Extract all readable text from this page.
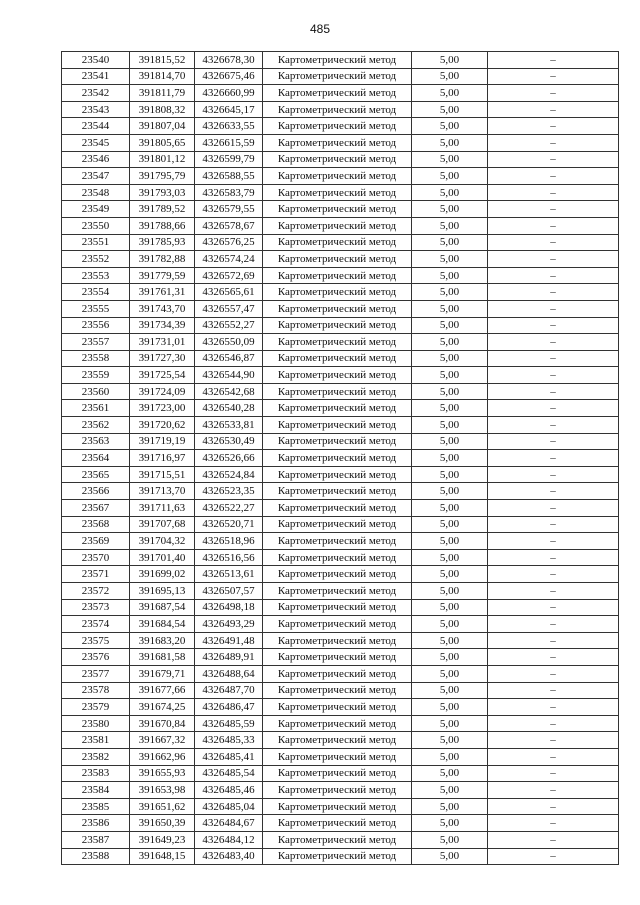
485
23540	391815,52	4326678,30	Картометрический метод	5,00	–
23541	391814,70	4326675,46	Картометрический метод	5,00	–
23542	391811,79	4326660,99	Картометрический метод	5,00	–
23543	391808,32	4326645,17	Картометрический метод	5,00	–
23544	391807,04	4326633,55	Картометрический метод	5,00	–
23545	391805,65	4326615,59	Картометрический метод	5,00	–
23546	391801,12	4326599,79	Картометрический метод	5,00	–
23547	391795,79	4326588,55	Картометрический метод	5,00	–
23548	391793,03	4326583,79	Картометрический метод	5,00	–
23549	391789,52	4326579,55	Картометрический метод	5,00	–
23550	391788,66	4326578,67	Картометрический метод	5,00	–
23551	391785,93	4326576,25	Картометрический метод	5,00	–
23552	391782,88	4326574,24	Картометрический метод	5,00	–
23553	391779,59	4326572,69	Картометрический метод	5,00	–
23554	391761,31	4326565,61	Картометрический метод	5,00	–
23555	391743,70	4326557,47	Картометрический метод	5,00	–
23556	391734,39	4326552,27	Картометрический метод	5,00	–
23557	391731,01	4326550,09	Картометрический метод	5,00	–
23558	391727,30	4326546,87	Картометрический метод	5,00	–
23559	391725,54	4326544,90	Картометрический метод	5,00	–
23560	391724,09	4326542,68	Картометрический метод	5,00	–
23561	391723,00	4326540,28	Картометрический метод	5,00	–
23562	391720,62	4326533,81	Картометрический метод	5,00	–
23563	391719,19	4326530,49	Картометрический метод	5,00	–
23564	391716,97	4326526,66	Картометрический метод	5,00	–
23565	391715,51	4326524,84	Картометрический метод	5,00	–
23566	391713,70	4326523,35	Картометрический метод	5,00	–
23567	391711,63	4326522,27	Картометрический метод	5,00	–
23568	391707,68	4326520,71	Картометрический метод	5,00	–
23569	391704,32	4326518,96	Картометрический метод	5,00	–
23570	391701,40	4326516,56	Картометрический метод	5,00	–
23571	391699,02	4326513,61	Картометрический метод	5,00	–
23572	391695,13	4326507,57	Картометрический метод	5,00	–
23573	391687,54	4326498,18	Картометрический метод	5,00	–
23574	391684,54	4326493,29	Картометрический метод	5,00	–
23575	391683,20	4326491,48	Картометрический метод	5,00	–
23576	391681,58	4326489,91	Картометрический метод	5,00	–
23577	391679,71	4326488,64	Картометрический метод	5,00	–
23578	391677,66	4326487,70	Картометрический метод	5,00	–
23579	391674,25	4326486,47	Картометрический метод	5,00	–
23580	391670,84	4326485,59	Картометрический метод	5,00	–
23581	391667,32	4326485,33	Картометрический метод	5,00	–
23582	391662,96	4326485,41	Картометрический метод	5,00	–
23583	391655,93	4326485,54	Картометрический метод	5,00	–
23584	391653,98	4326485,46	Картометрический метод	5,00	–
23585	391651,62	4326485,04	Картометрический метод	5,00	–
23586	391650,39	4326484,67	Картометрический метод	5,00	–
23587	391649,23	4326484,12	Картометрический метод	5,00	–
23588	391648,15	4326483,40	Картометрический метод	5,00	–
